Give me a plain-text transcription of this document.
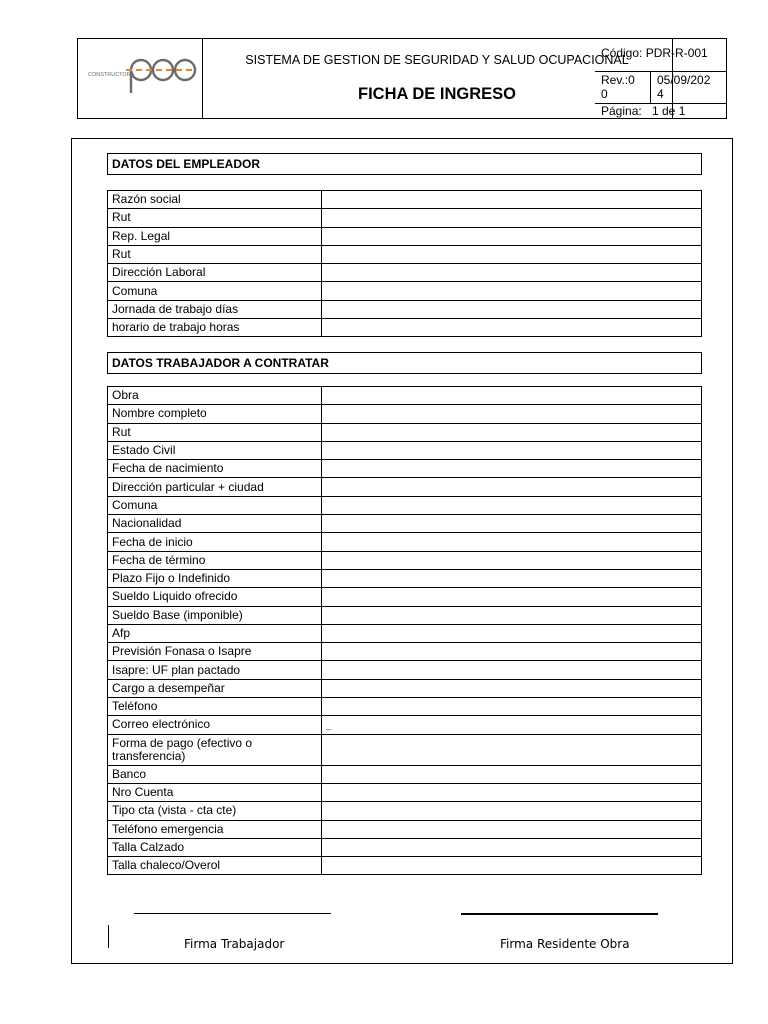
CONSTRUCTORA
SISTEMA DE GESTION DE SEGURIDAD Y SALUD OCUPACIONAL
FICHA DE INGRESO
Código: PDR-R-001
Rev.:0
0
05/09/202
4
Página: 1 de 1
DATOS DEL EMPLEADOR
Razón social	
Rut	
Rep. Legal	
Rut	
Dirección Laboral	
Comuna	
Jornada de trabajo días	
horario de trabajo horas	
DATOS TRABAJADOR A CONTRATAR
Obra	
Nombre completo	
Rut	
Estado Civil	
Fecha de nacimiento	
Dirección particular + ciudad	
Comuna	
Nacionalidad	
Fecha de inicio	
Fecha de término	
Plazo Fijo o Indefinido	
Sueldo Liquido ofrecido	
Sueldo Base (imponible)	
Afp	
Previsión Fonasa o Isapre	
Isapre: UF plan pactado	
Cargo a desempeñar	
Teléfono	
Correo electrónico	_
Forma de pago (efectivo o transferencia)	
Banco	
Nro Cuenta	
Tipo cta (vista - cta cte)	
Teléfono emergencia	
Talla Calzado	
Talla chaleco/Overol	
Firma Trabajador	Firma Residente Obra
